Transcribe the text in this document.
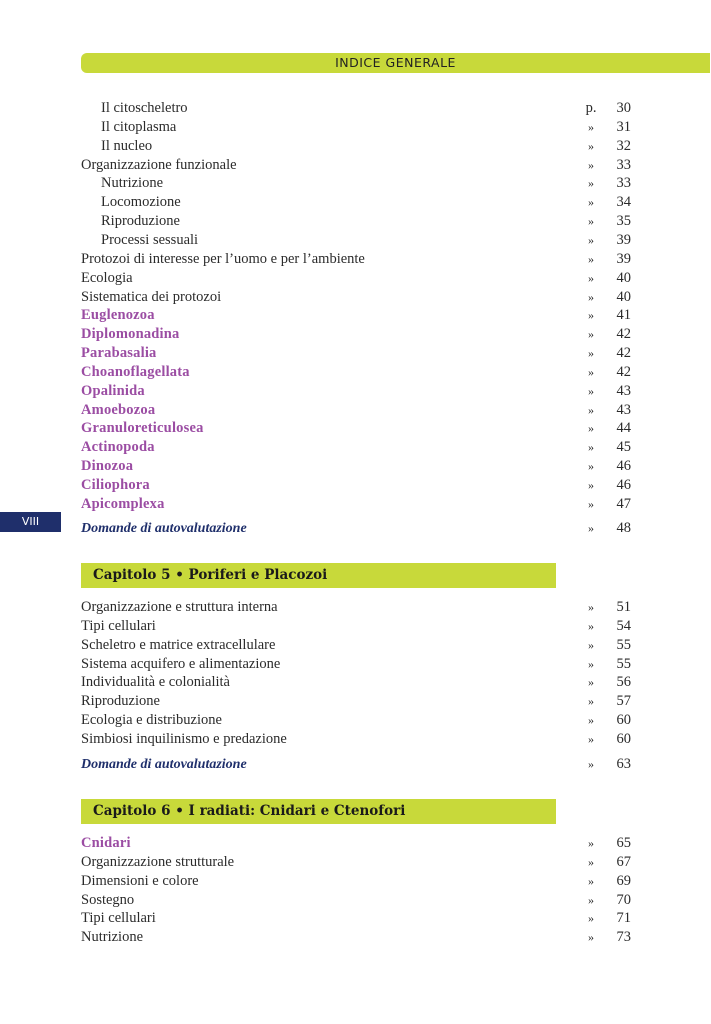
INDICE GENERALE
VIII
Capitolo 5 • Poriferi e Placozoi
Capitolo 6 • I radiati: Cnidari e Ctenofori
Il citoscheletro	p. 30
Il citoplasma	» 31
Il nucleo	» 32
Organizzazione funzionale	» 33
Nutrizione	» 33
Locomozione	» 34
Riproduzione	» 35
Processi sessuali	» 39
Protozoi di interesse per l’uomo e per l’ambiente	» 39
Ecologia	» 40
Sistematica dei protozoi	» 40
Euglenozoa	» 41
Diplomonadina	» 42
Parabasalia	» 42
Choanoflagellata	» 42
Opalinida	» 43
Amoebozoa	» 43
Granuloreticulosea	» 44
Actinopoda	» 45
Dinozoa	» 46
Ciliophora	» 46
Apicomplexa	» 47
Domande di autovalutazione	» 48
Organizzazione e struttura interna	» 51
Tipi cellulari	» 54
Scheletro e matrice extracellulare	» 55
Sistema acquifero e alimentazione	» 55
Individualità e colonialità	» 56
Riproduzione	» 57
Ecologia e distribuzione	» 60
Simbiosi inquilinismo e predazione	» 60
Domande di autovalutazione	» 63
Cnidari	» 65
Organizzazione strutturale	» 67
Dimensioni e colore	» 69
Sostegno	» 70
Tipi cellulari	» 71
Nutrizione	» 73
